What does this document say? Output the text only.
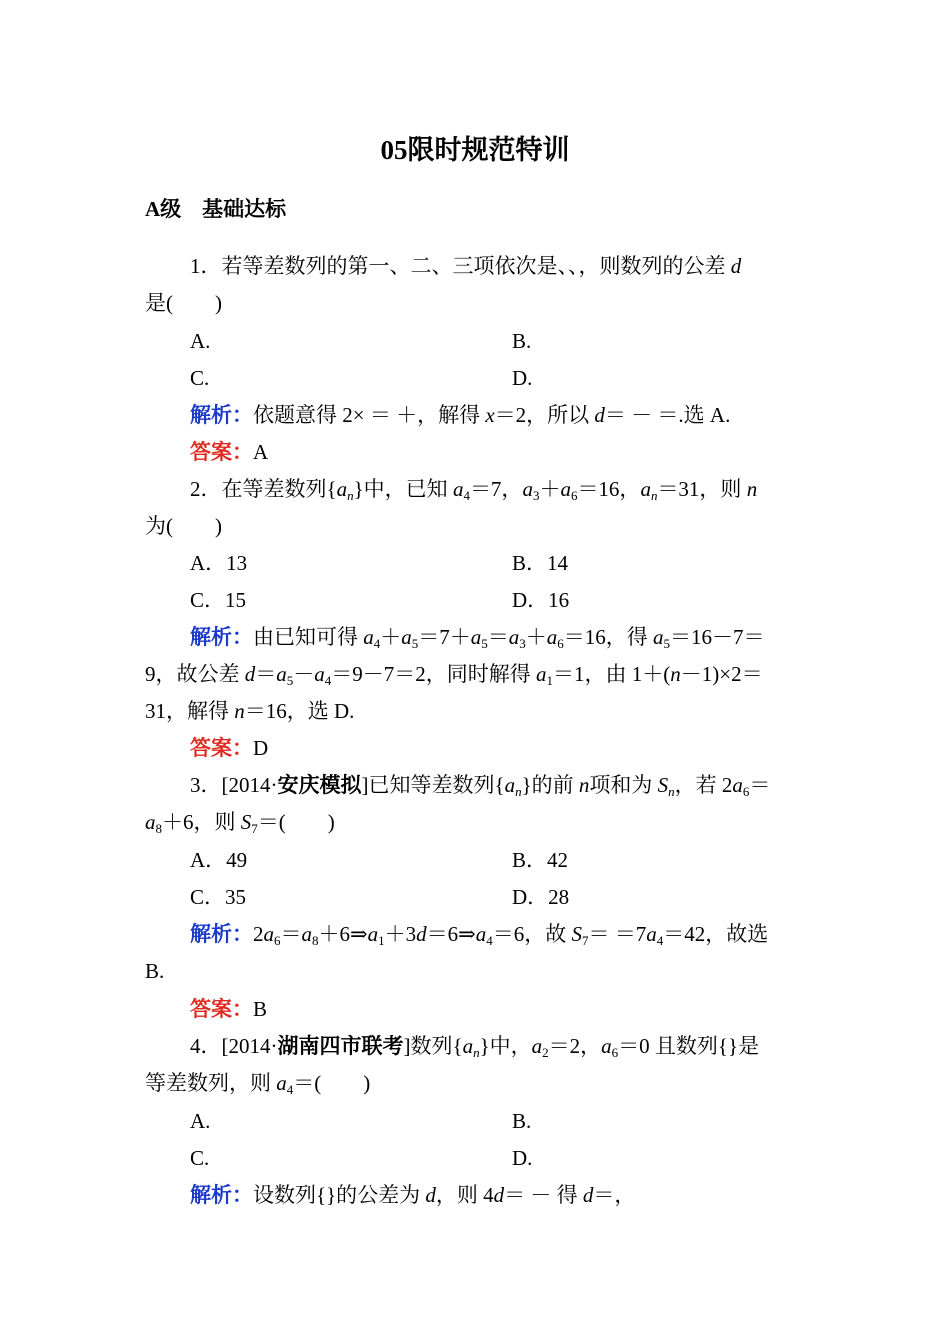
05限时规范特训
A级　基础达标
1．若等差数列的第一、二、三项依次是、、，则数列的公差 d
是(　　)
A.	B.
C.	D.
解析：依题意得 2× ＝ ＋，解得 x＝2，所以 d＝ － ＝.选 A.
答案：A
2．在等差数列$\{a_n\}$中，已知 $a_4=7$，$a_3+a_6=16$，$a_n=31$，则 n
为(　　)
A．13	B．14
C．15	D．16
解析：由已知可得 $a_4+a_5=7+a_5=a_3+a_6=16$，得 $a_5=16-7=$
9，故公差 $d=a_5-a_4=9-7=2$，同时解得 $a_1=1$，由 1＋(n－1)×2＝
31，解得 n＝16，选 D.
答案：D
3．[2014·安庆模拟]已知等差数列$\{a_n\}$的前 n项和为 $S_n$，若 $2a_6=$
$a_8+6$，则 $S_7=$(　　)
A．49	B．42
C．35	D．28
解析：$2a_6=a_8+6\Rightarrow a_1+3d=6\Rightarrow a_4=6$，故 $S_7= =7a_4=42$，故选
B.
答案：B
4．[2014·湖南四市联考]数列$\{a_n\}$中，$a_2=2$，$a_6=0$ 且数列{}是
等差数列，则 $a_4=$(　　)
A.	B.
C.	D.
解析：设数列{}的公差为 d，则 4d＝ － 得 d＝，
